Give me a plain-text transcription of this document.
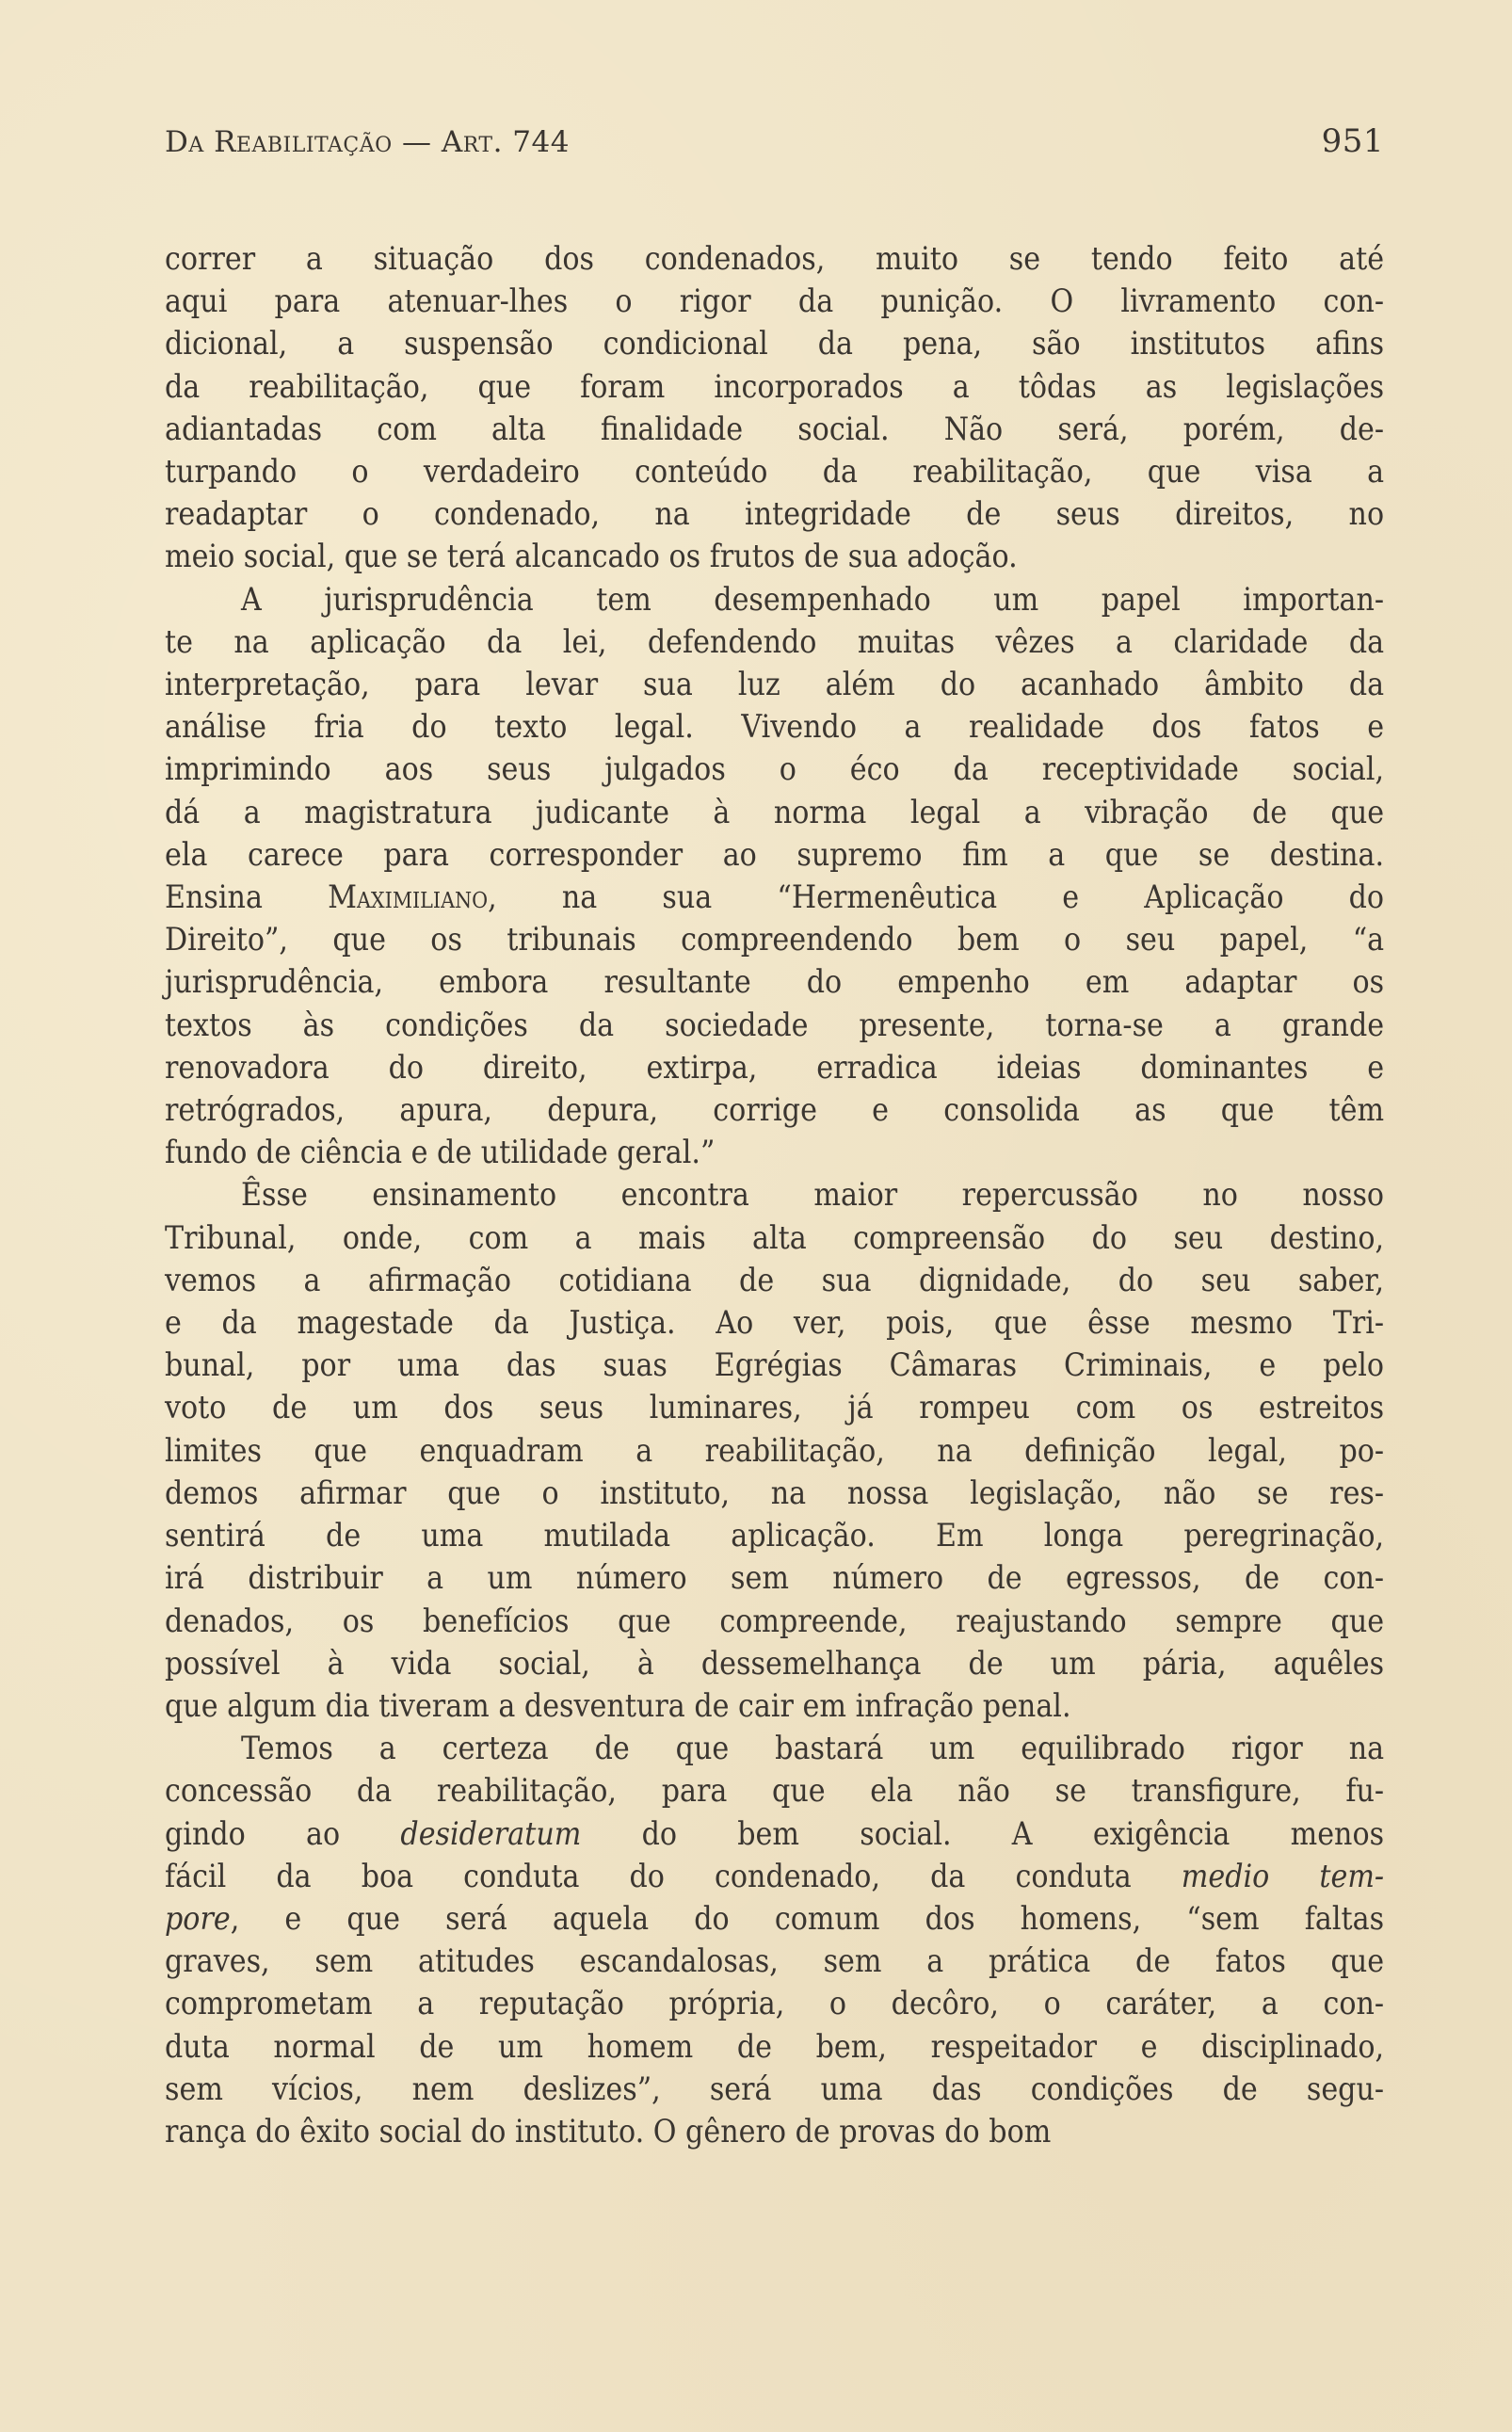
Da Reabilitação — Art. 744	951

correr a situação dos condenados, muito se tendo feito até
aqui para atenuar-lhes o rigor da punição. O livramento con-
dicional, a suspensão condicional da pena, são institutos afins
da reabilitação, que foram incorporados a tôdas as legislações
adiantadas com alta finalidade social. Não será, porém, de-
turpando o verdadeiro conteúdo da reabilitação, que visa a
readaptar o condenado, na integridade de seus direitos, no
meio social, que se terá alcancado os frutos de sua adoção.

A jurisprudência tem desempenhado um papel importan-
te na aplicação da lei, defendendo muitas vêzes a claridade da
interpretação, para levar sua luz além do acanhado âmbito da
análise fria do texto legal. Vivendo a realidade dos fatos e
imprimindo aos seus julgados o éco da receptividade social,
dá a magistratura judicante à norma legal a vibração de que
ela carece para corresponder ao supremo fim a que se destina.
Ensina Maximiliano, na sua “Hermenêutica e Aplicação do
Direito”, que os tribunais compreendendo bem o seu papel, “a
jurisprudência, embora resultante do empenho em adaptar os
textos às condições da sociedade presente, torna-se a grande
renovadora do direito, extirpa, erradica ideias dominantes e
retrógrados, apura, depura, corrige e consolida as que têm
fundo de ciência e de utilidade geral.”

Êsse ensinamento encontra maior repercussão no nosso
Tribunal, onde, com a mais alta compreensão do seu destino,
vemos a afirmação cotidiana de sua dignidade, do seu saber,
e da magestade da Justiça. Ao ver, pois, que êsse mesmo Tri-
bunal, por uma das suas Egrégias Câmaras Criminais, e pelo
voto de um dos seus luminares, já rompeu com os estreitos
limites que enquadram a reabilitação, na definição legal, po-
demos afirmar que o instituto, na nossa legislação, não se res-
sentirá de uma mutilada aplicação. Em longa peregrinação,
irá distribuir a um número sem número de egressos, de con-
denados, os benefícios que compreende, reajustando sempre que
possível à vida social, à dessemelhança de um pária, aquêles
que algum dia tiveram a desventura de cair em infração penal.

Temos a certeza de que bastará um equilibrado rigor na
concessão da reabilitação, para que ela não se transfigure, fu-
gindo ao desideratum do bem social. A exigência menos
fácil da boa conduta do condenado, da conduta medio tem-
pore, e que será aquela do comum dos homens, “sem faltas
graves, sem atitudes escandalosas, sem a prática de fatos que
comprometam a reputação própria, o decôro, o caráter, a con-
duta normal de um homem de bem, respeitador e disciplinado,
sem vícios, nem deslizes”, será uma das condições de segu-
rança do êxito social do instituto. O gênero de provas do bom
